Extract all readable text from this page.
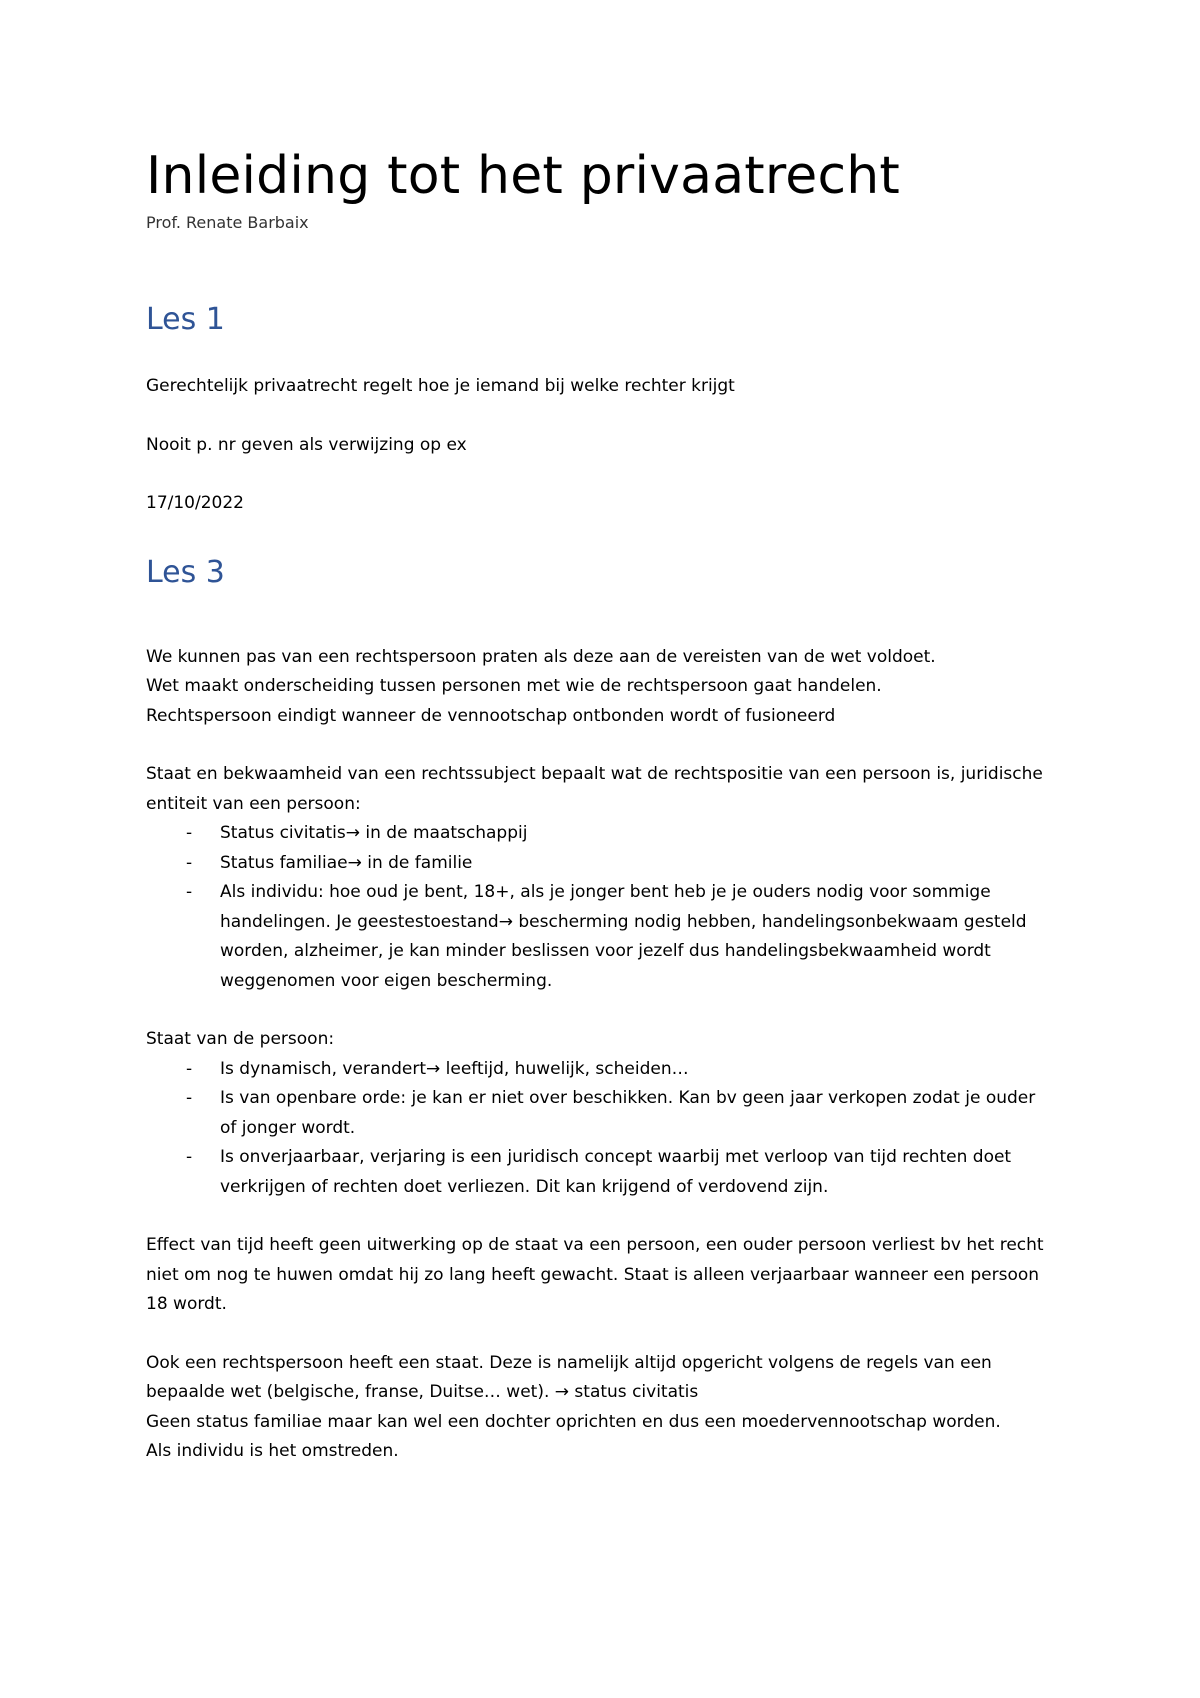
Inleiding tot het privaatrecht

Prof. Renate Barbaix

Les 1

Gerechtelijk privaatrecht regelt hoe je iemand bij welke rechter krijgt

Nooit p. nr geven als verwijzing op ex

17/10/2022

Les 3

We kunnen pas van een rechtspersoon praten als deze aan de vereisten van de wet voldoet.

Wet maakt onderscheiding tussen personen met wie de rechtspersoon gaat handelen.

Rechtspersoon eindigt wanneer de vennootschap ontbonden wordt of fusioneerd

Staat en bekwaamheid van een rechtssubject bepaalt wat de rechtspositie van een persoon is, juridische entiteit van een persoon:

- Status civitatis→ in de maatschappij
- Status familiae→ in de familie
- Als individu: hoe oud je bent, 18+, als je jonger bent heb je je ouders nodig voor sommige handelingen. Je geestestoestand→ bescherming nodig hebben, handelingsonbekwaam gesteld worden, alzheimer, je kan minder beslissen voor jezelf dus handelingsbekwaamheid wordt weggenomen voor eigen bescherming.

Staat van de persoon:

- Is dynamisch, verandert→ leeftijd, huwelijk, scheiden…
- Is van openbare orde: je kan er niet over beschikken. Kan bv geen jaar verkopen zodat je ouder of jonger wordt.
- Is onverjaarbaar, verjaring is een juridisch concept waarbij met verloop van tijd rechten doet verkrijgen of rechten doet verliezen. Dit kan krijgend of verdovend zijn.

Effect van tijd heeft geen uitwerking op de staat va een persoon, een ouder persoon verliest bv het recht niet om nog te huwen omdat hij zo lang heeft gewacht. Staat is alleen verjaarbaar wanneer een persoon 18 wordt.

Ook een rechtspersoon heeft een staat. Deze is namelijk altijd opgericht volgens de regels van een bepaalde wet (belgische, franse, Duitse… wet). → status civitatis

Geen status familiae maar kan wel een dochter oprichten en dus een moedervennootschap worden.

Als individu is het omstreden.
